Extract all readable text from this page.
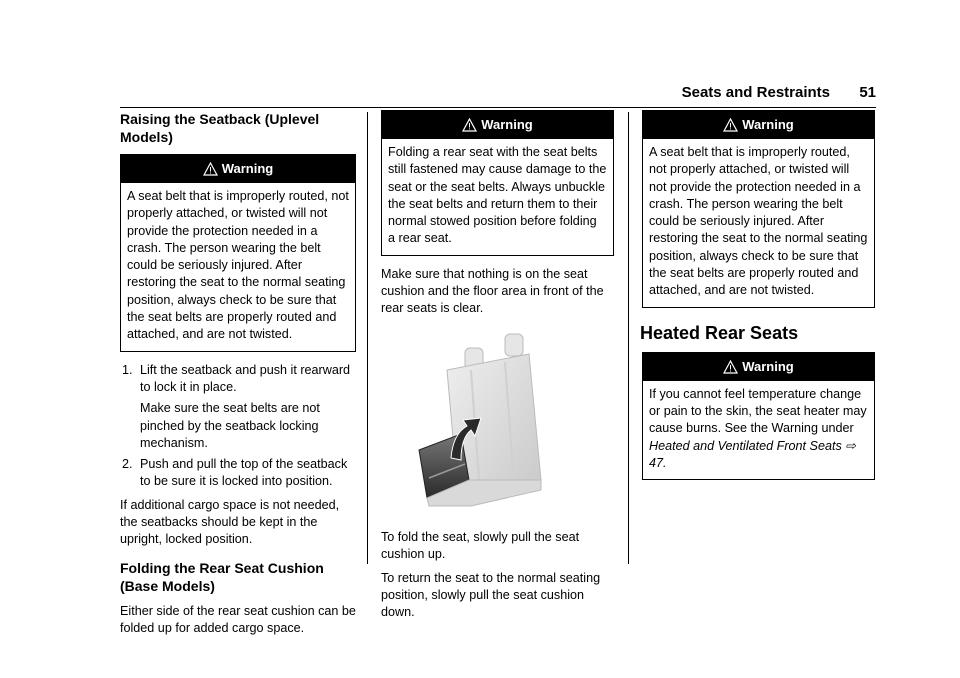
Seats and Restraints 51
Raising the Seatback (Uplevel Models)
Warning
A seat belt that is improperly routed, not properly attached, or twisted will not provide the protection needed in a crash. The person wearing the belt could be seriously injured. After restoring the seat to the normal seating position, always check to be sure that the seat belts are properly routed and attached, and are not twisted.
1. Lift the seatback and push it rearward to lock it in place.
Make sure the seat belts are not pinched by the seatback locking mechanism.
2. Push and pull the top of the seatback to be sure it is locked into position.

If additional cargo space is not needed, the seatbacks should be kept in the upright, locked position.

Folding the Rear Seat Cushion (Base Models)

Either side of the rear seat cushion can be folded up for added cargo space.

Warning
Folding a rear seat with the seat belts still fastened may cause damage to the seat or the seat belts. Always unbuckle the seat belts and return them to their normal stowed position before folding a rear seat.

Make sure that nothing is on the seat cushion and the floor area in front of the rear seats is clear.

To fold the seat, slowly pull the seat cushion up.

To return the seat to the normal seating position, slowly pull the seat cushion down.

Warning
A seat belt that is improperly routed, not properly attached, or twisted will not provide the protection needed in a crash. The person wearing the belt could be seriously injured. After restoring the seat to the normal seating position, always check to be sure that the seat belts are properly routed and attached, and are not twisted.
Heated Rear Seats
Warning
If you cannot feel temperature change or pain to the skin, the seat heater may cause burns. See the Warning under Heated and Ventilated Front Seats ⇨ 47.
